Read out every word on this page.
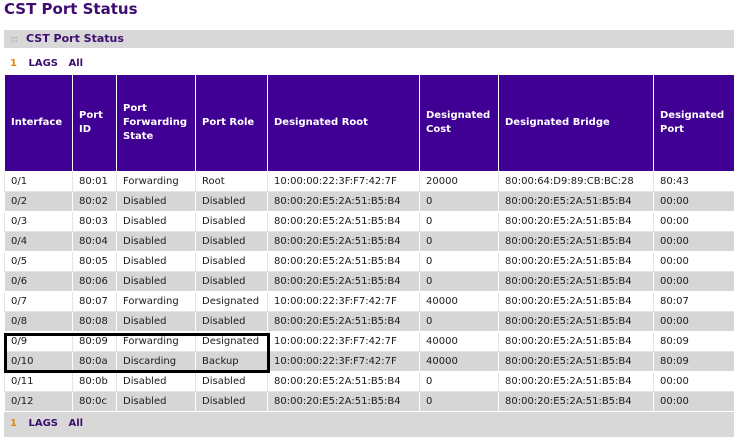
CST Port Status
CST Port Status
1 LAGS All
Interface	Port ID	Port Forwarding State	Port Role	Designated Root	Designated Cost	Designated Bridge	Designated Port
0/1	80:01	Forwarding	Root	10:00:00:22:3F:F7:42:7F	20000	80:00:64:D9:89:CB:BC:28	80:43
0/2	80:02	Disabled	Disabled	80:00:20:E5:2A:51:B5:B4	0	80:00:20:E5:2A:51:B5:B4	00:00
0/3	80:03	Disabled	Disabled	80:00:20:E5:2A:51:B5:B4	0	80:00:20:E5:2A:51:B5:B4	00:00
0/4	80:04	Disabled	Disabled	80:00:20:E5:2A:51:B5:B4	0	80:00:20:E5:2A:51:B5:B4	00:00
0/5	80:05	Disabled	Disabled	80:00:20:E5:2A:51:B5:B4	0	80:00:20:E5:2A:51:B5:B4	00:00
0/6	80:06	Disabled	Disabled	80:00:20:E5:2A:51:B5:B4	0	80:00:20:E5:2A:51:B5:B4	00:00
0/7	80:07	Forwarding	Designated	10:00:00:22:3F:F7:42:7F	40000	80:00:20:E5:2A:51:B5:B4	80:07
0/8	80:08	Disabled	Disabled	80:00:20:E5:2A:51:B5:B4	0	80:00:20:E5:2A:51:B5:B4	00:00
0/9	80:09	Forwarding	Designated	10:00:00:22:3F:F7:42:7F	40000	80:00:20:E5:2A:51:B5:B4	80:09
0/10	80:0a	Discarding	Backup	10:00:00:22:3F:F7:42:7F	40000	80:00:20:E5:2A:51:B5:B4	80:09
0/11	80:0b	Disabled	Disabled	80:00:20:E5:2A:51:B5:B4	0	80:00:20:E5:2A:51:B5:B4	00:00
0/12	80:0c	Disabled	Disabled	80:00:20:E5:2A:51:B5:B4	0	80:00:20:E5:2A:51:B5:B4	00:00
1 LAGS All
